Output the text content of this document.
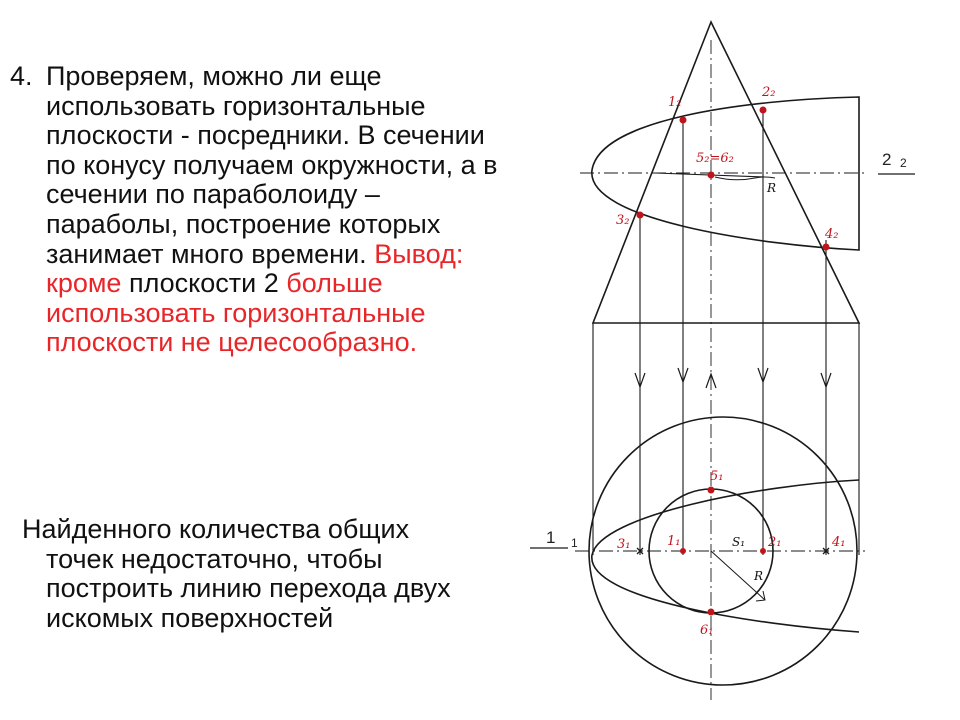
4. Проверяем, можно ли еще использовать горизонтальные плоскости - посредники. В сечении по конусу получаем окружности, а в сечении по параболоиду – параболы, построение которых занимает много времени. Вывод: кроме плоскости 2 больше использовать горизонтальные плоскости не целесообразно.
Найденного количества общих
точек недостаточно, чтобы построить линию перехода двух искомых поверхностей
1₂
2₂
5₂=6₂
3₂
4₂
R
5₁
3₁	1₁	S₁ 2₁	4₁
6₁
R
2 2
1 1
